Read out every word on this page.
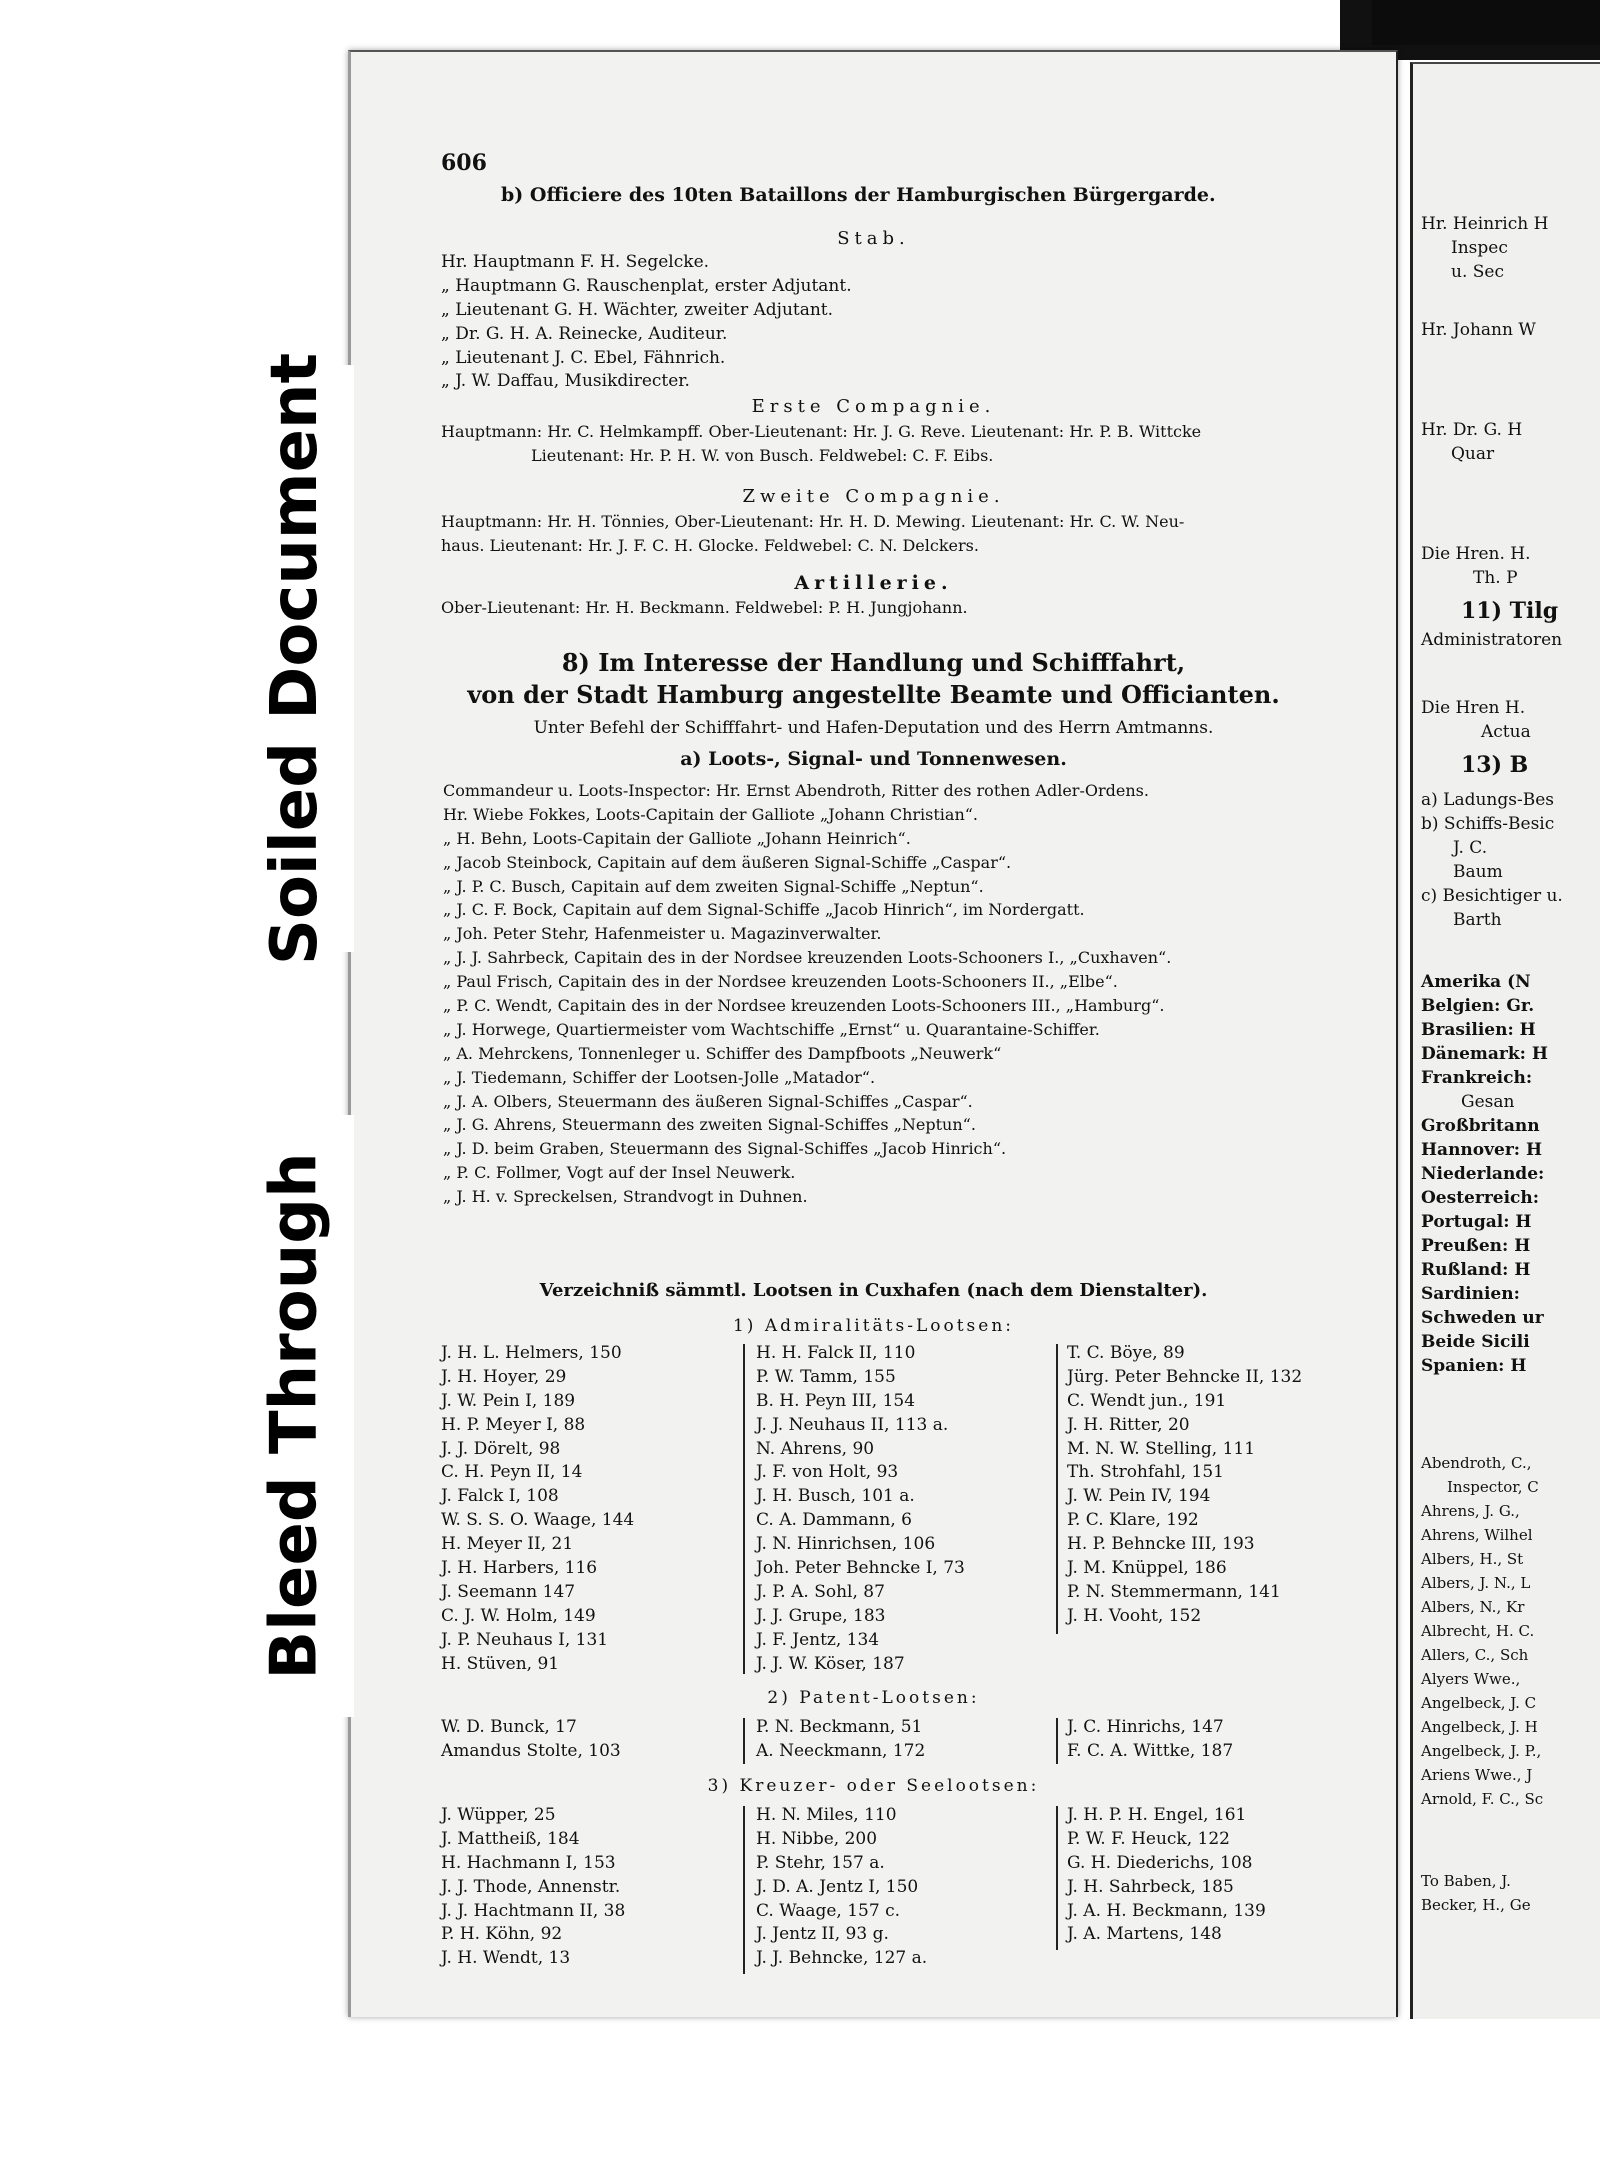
606
b) Officiere des 10ten Bataillons der Hamburgischen Bürgergarde.
Stab.
Hr. Hauptmann F. H. Segelcke.
„ Hauptmann G. Rauschenplat, erster Adjutant.
„ Lieutenant G. H. Wächter, zweiter Adjutant.
„ Dr. G. H. A. Reinecke, Auditeur.
„ Lieutenant J. C. Ebel, Fähnrich.
„ J. W. Daffau, Musikdirecter.
Erste Compagnie.
Hauptmann: Hr. C. Helmkampff. Ober-Lieutenant: Hr. J. G. Reve. Lieutenant: Hr. P. B. Wittcke
Lieutenant: Hr. P. H. W. von Busch. Feldwebel: C. F. Eibs.
Zweite Compagnie.
Hauptmann: Hr. H. Tönnies, Ober-Lieutenant: Hr. H. D. Mewing. Lieutenant: Hr. C. W. Neu-
haus. Lieutenant: Hr. J. F. C. H. Glocke. Feldwebel: C. N. Delckers.
Artillerie.
Ober-Lieutenant: Hr. H. Beckmann. Feldwebel: P. H. Jungjohann.
8) Im Interesse der Handlung und Schifffahrt,
von der Stadt Hamburg angestellte Beamte und Officianten.
Unter Befehl der Schifffahrt- und Hafen-Deputation und des Herrn Amtmanns.
a) Loots-, Signal- und Tonnenwesen.
Commandeur u. Loots-Inspector: Hr. Ernst Abendroth, Ritter des rothen Adler-Ordens.
Hr. Wiebe Fokkes, Loots-Capitain der Galliote „Johann Christian“.
„ H. Behn, Loots-Capitain der Galliote „Johann Heinrich“.
„ Jacob Steinbock, Capitain auf dem äußeren Signal-Schiffe „Caspar“.
„ J. P. C. Busch, Capitain auf dem zweiten Signal-Schiffe „Neptun“.
„ J. C. F. Bock, Capitain auf dem Signal-Schiffe „Jacob Hinrich“, im Nordergatt.
„ Joh. Peter Stehr, Hafenmeister u. Magazinverwalter.
„ J. J. Sahrbeck, Capitain des in der Nordsee kreuzenden Loots-Schooners I., „Cuxhaven“.
„ Paul Frisch, Capitain des in der Nordsee kreuzenden Loots-Schooners II., „Elbe“.
„ P. C. Wendt, Capitain des in der Nordsee kreuzenden Loots-Schooners III., „Hamburg“.
„ J. Horwege, Quartiermeister vom Wachtschiffe „Ernst“ u. Quarantaine-Schiffer.
„ A. Mehrckens, Tonnenleger u. Schiffer des Dampfboots „Neuwerk“
„ J. Tiedemann, Schiffer der Lootsen-Jolle „Matador“.
„ J. A. Olbers, Steuermann des äußeren Signal-Schiffes „Caspar“.
„ J. G. Ahrens, Steuermann des zweiten Signal-Schiffes „Neptun“.
„ J. D. beim Graben, Steuermann des Signal-Schiffes „Jacob Hinrich“.
„ P. C. Follmer, Vogt auf der Insel Neuwerk.
„ J. H. v. Spreckelsen, Strandvogt in Duhnen.
Verzeichniß sämmtl. Lootsen in Cuxhafen (nach dem Dienstalter).
1) Admiralitäts-Lootsen:
J. H. L. Helmers, 150
J. H. Hoyer, 29
J. W. Pein I, 189
H. P. Meyer I, 88
J. J. Dörelt, 98
C. H. Peyn II, 14
J. Falck I, 108
W. S. S. O. Waage, 144
H. Meyer II, 21
J. H. Harbers, 116
J. Seemann 147
C. J. W. Holm, 149
J. P. Neuhaus I, 131
H. Stüven, 91
H. H. Falck II, 110
P. W. Tamm, 155
B. H. Peyn III, 154
J. J. Neuhaus II, 113 a.
N. Ahrens, 90
J. F. von Holt, 93
J. H. Busch, 101 a.
C. A. Dammann, 6
J. N. Hinrichsen, 106
Joh. Peter Behncke I, 73
J. P. A. Sohl, 87
J. J. Grupe, 183
J. F. Jentz, 134
J. J. W. Köser, 187
T. C. Böye, 89
Jürg. Peter Behncke II, 132
C. Wendt jun., 191
J. H. Ritter, 20
M. N. W. Stelling, 111
Th. Strohfahl, 151
J. W. Pein IV, 194
P. C. Klare, 192
H. P. Behncke III, 193
J. M. Knüppel, 186
P. N. Stemmermann, 141
J. H. Vooht, 152
2) Patent-Lootsen:
W. D. Bunck, 17
Amandus Stolte, 103
P. N. Beckmann, 51
A. Neeckmann, 172
J. C. Hinrichs, 147
F. C. A. Wittke, 187
3) Kreuzer- oder Seelootsen:
J. Wüpper, 25
J. Mattheiß, 184
H. Hachmann I, 153
J. J. Thode, Annenstr.
J. J. Hachtmann II, 38
P. H. Köhn, 92
J. H. Wendt, 13
H. N. Miles, 110
H. Nibbe, 200
P. Stehr, 157 a.
J. D. A. Jentz I, 150
C. Waage, 157 c.
J. Jentz II, 93 g.
J. J. Behncke, 127 a.
J. H. P. H. Engel, 161
P. W. F. Heuck, 122
G. H. Diederichs, 108
J. H. Sahrbeck, 185
J. A. H. Beckmann, 139
J. A. Martens, 148
Hr. Heinrich H
Inspec
u. Sec
Hr. Johann W
Hr. Dr. G. H
Quar
Die Hren. H.
Th. P
11) Tilg
Administratoren
Die Hren H.
Actua
13) B
a) Ladungs-Bes
b) Schiffs-Besic
J. C.
Baum
c) Besichtiger u.
Barth
Amerika (N
Belgien: Gr.
Brasilien: H
Dänemark: H
Frankreich:
Gesan
Großbritann
Hannover: H
Niederlande:
Oesterreich:
Portugal: H
Preußen: H
Rußland: H
Sardinien:
Schweden ur
Beide Sicili
Spanien: H
Abendroth, C.,
Inspector, C
Ahrens, J. G.,
Ahrens, Wilhel
Albers, H., St
Albers, J. N., L
Albers, N., Kr
Albrecht, H. C.
Allers, C., Sch
Alyers Wwe.,
Angelbeck, J. C
Angelbeck, J. H
Angelbeck, J. P.,
Ariens Wwe., J
Arnold, F. C., Sc
To Baben, J.
Becker, H., Ge
Soiled Document
Bleed Through
